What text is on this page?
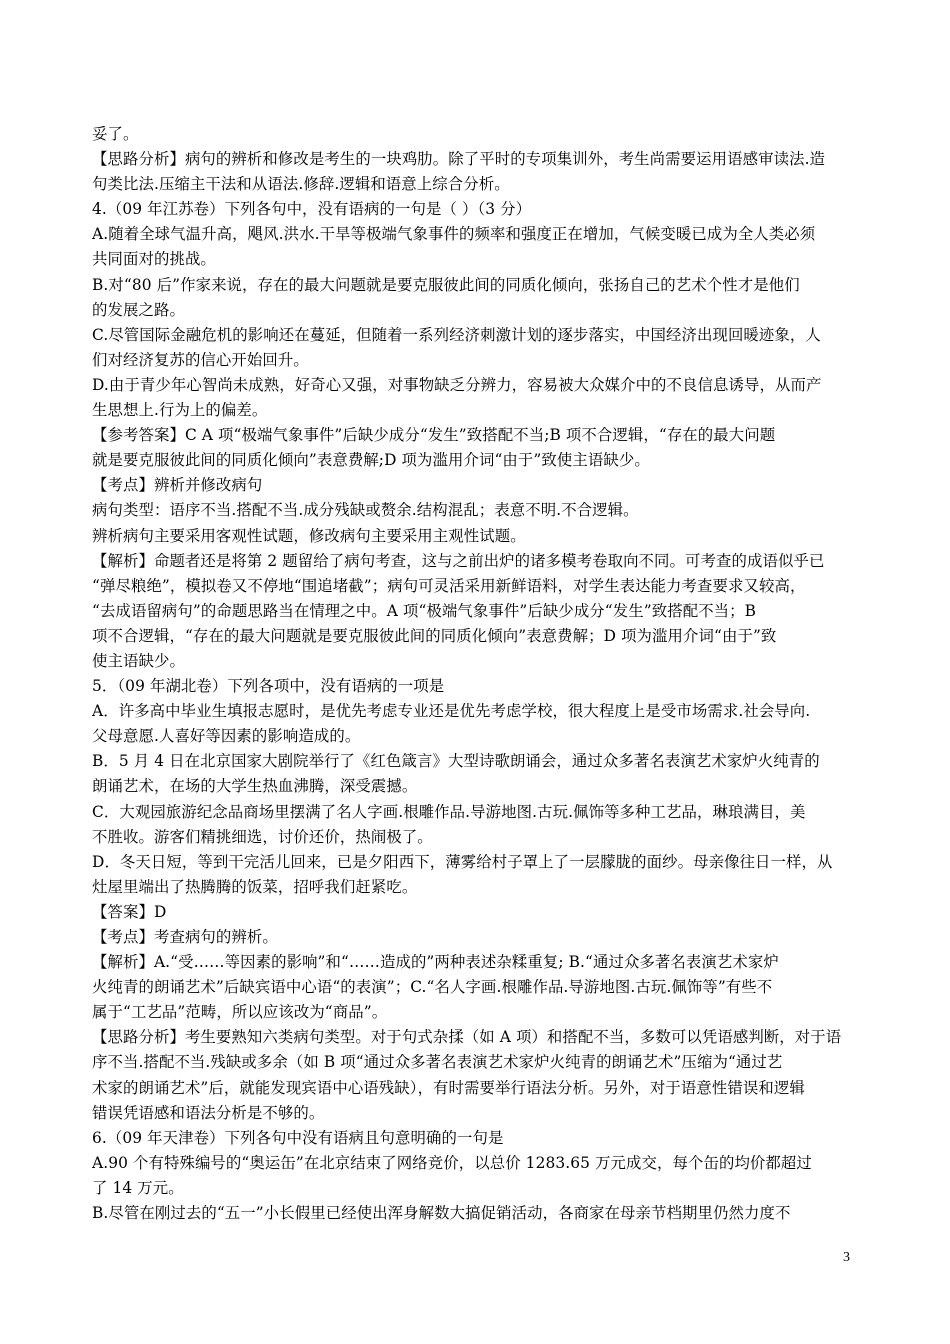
妥了。
【思路分析】病句的辨析和修改是考生的一块鸡肋。除了平时的专项集训外，考生尚需要运用语感审读法.造
句类比法.压缩主干法和从语法.修辞.逻辑和语意上综合分析。
4.（09 年江苏卷）下列各句中，没有语病的一句是（ ）（3 分）
A.随着全球气温升高，飓风.洪水.干旱等极端气象事件的频率和强度正在增加，气候变暖已成为全人类必须
共同面对的挑战。
B.对“80 后”作家来说，存在的最大问题就是要克服彼此间的同质化倾向，张扬自己的艺术个性才是他们
的发展之路。
C.尽管国际金融危机的影响还在蔓延，但随着一系列经济刺激计划的逐步落实，中国经济出现回暖迹象，人
们对经济复苏的信心开始回升。
D.由于青少年心智尚未成熟，好奇心又强，对事物缺乏分辨力，容易被大众媒介中的不良信息诱导，从而产
生思想上.行为上的偏差。
【参考答案】C A 项“极端气象事件”后缺少成分“发生”致搭配不当;B 项不合逻辑，“存在的最大问题
就是要克服彼此间的同质化倾向”表意费解;D 项为滥用介词“由于”致使主语缺少。
【考点】辨析并修改病句
病句类型：语序不当.搭配不当.成分残缺或赘余.结构混乱；表意不明.不合逻辑。
辨析病句主要采用客观性试题，修改病句主要采用主观性试题。
【解析】命题者还是将第 2 题留给了病句考查，这与之前出炉的诸多模考卷取向不同。可考查的成语似乎已
“弹尽粮绝”，模拟卷又不停地“围追堵截”；病句可灵活采用新鲜语料，对学生表达能力考查要求又较高，
“去成语留病句”的命题思路当在情理之中。A 项“极端气象事件”后缺少成分“发生”致搭配不当；B
项不合逻辑，“存在的最大问题就是要克服彼此间的同质化倾向”表意费解；D 项为滥用介词“由于”致
使主语缺少。
5．（09 年湖北卷）下列各项中，没有语病的一项是
A．许多高中毕业生填报志愿时，是优先考虑专业还是优先考虑学校，很大程度上是受市场需求.社会导向.
父母意愿.人喜好等因素的影响造成的。
B．5 月 4 日在北京国家大剧院举行了《红色箴言》大型诗歌朗诵会，通过众多著名表演艺术家炉火纯青的
朗诵艺术，在场的大学生热血沸腾，深受震撼。
C．大观园旅游纪念品商场里摆满了名人字画.根雕作品.导游地图.古玩.佩饰等多种工艺品，琳琅满目，美
不胜收。游客们精挑细选，讨价还价，热闹极了。
D．冬天日短，等到干完活儿回来，已是夕阳西下，薄雾给村子罩上了一层朦胧的面纱。母亲像往日一样，从
灶屋里端出了热腾腾的饭菜，招呼我们赶紧吃。
【答案】D
【考点】考查病句的辨析。
【解析】A.“受……等因素的影响”和“……造成的”两种表述杂糅重复; B.“通过众多著名表演艺术家炉
火纯青的朗诵艺术”后缺宾语中心语“的表演”；C.“名人字画.根雕作品.导游地图.古玩.佩饰等”有些不
属于“工艺品”范畴，所以应该改为“商品”。
【思路分析】考生要熟知六类病句类型。对于句式杂揉（如 A 项）和搭配不当，多数可以凭语感判断，对于语
序不当.搭配不当.残缺或多余（如 B 项“通过众多著名表演艺术家炉火纯青的朗诵艺术”压缩为“通过艺
术家的朗诵艺术”后，就能发现宾语中心语残缺），有时需要举行语法分析。另外，对于语意性错误和逻辑
错误凭语感和语法分析是不够的。
6.（09 年天津卷）下列各句中没有语病且句意明确的一句是
A.90 个有特殊编号的“奥运缶”在北京结束了网络竞价，以总价 1283.65 万元成交，每个缶的均价都超过
了 14 万元。
B.尽管在刚过去的“五一”小长假里已经使出浑身解数大搞促销活动，各商家在母亲节档期里仍然力度不
3
